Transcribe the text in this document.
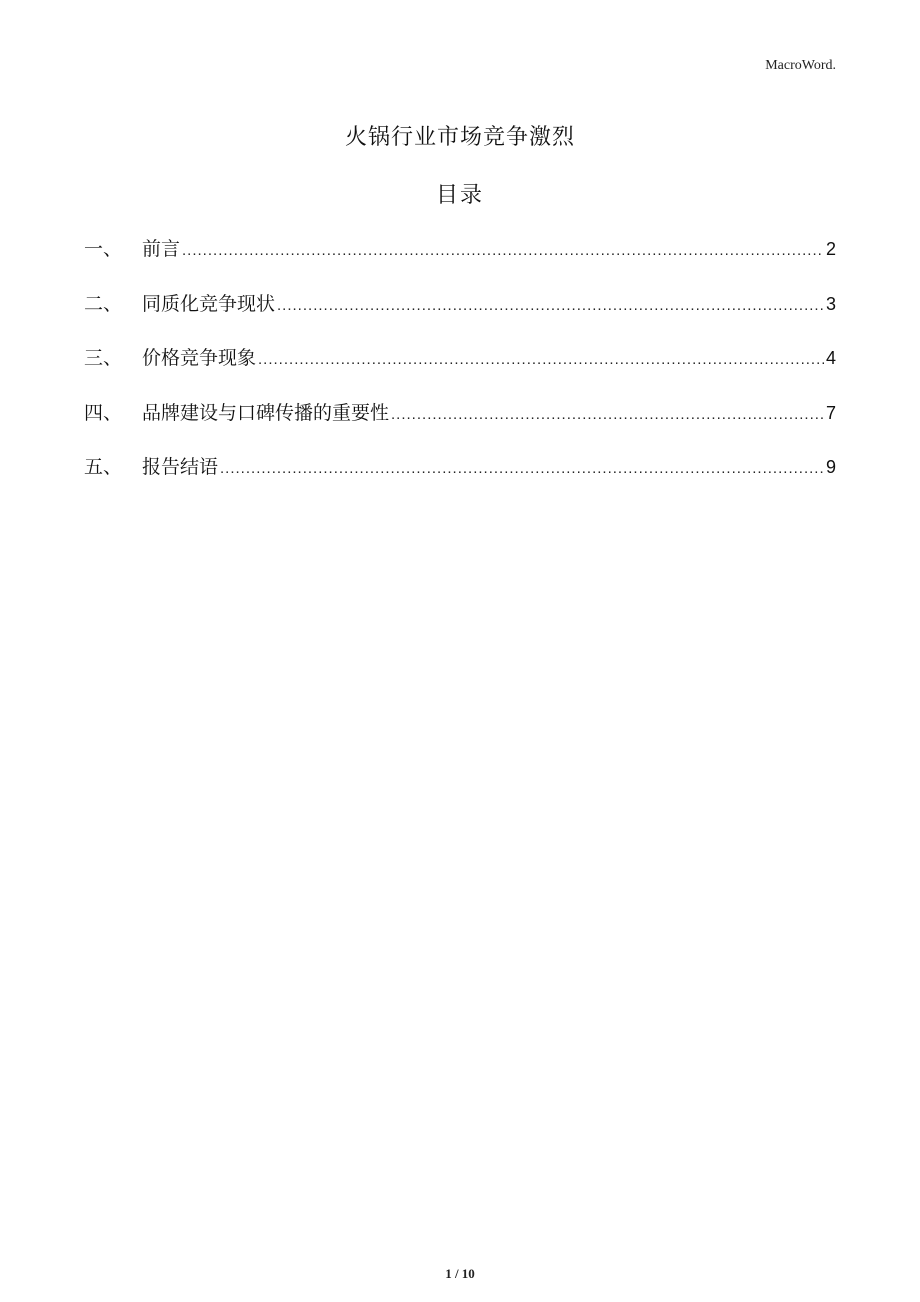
MacroWord.
火锅行业市场竞争激烈
目录
一、	前言 .....	2
二、	同质化竞争现状 .....	3
三、	价格竞争现象 .....	4
四、	品牌建设与口碑传播的重要性 .....	7
五、	报告结语 .....	9
1 / 10
